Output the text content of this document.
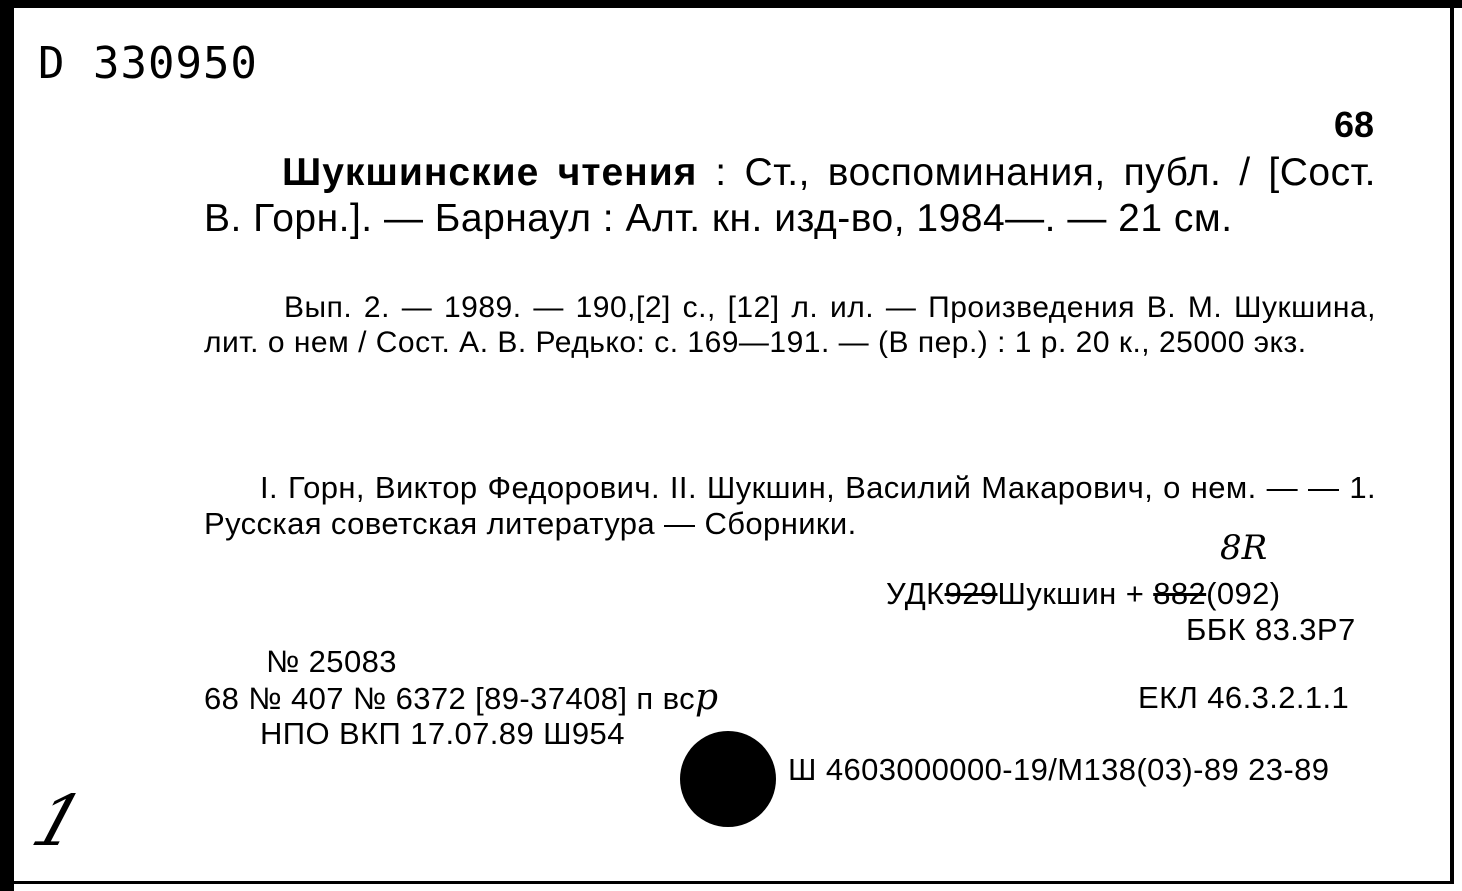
D 330950
68
Шукшинские чтения : Ст., воспоминания, публ. / [Сост. В. Горн.]. — Барнаул : Алт. кн. изд-во, 1984—. — 21 см.
Вып. 2. — 1989. — 190,[2] с., [12] л. ил. — Произведения В. М. Шукшина, лит. о нем / Сост. А. В. Редько: с. 169—191. — (В пер.) : 1 р. 20 к., 25000 экз.
I. Горн, Виктор Федорович. II. Шукшин, Василий Макарович, о нем. — — 1. Русская советская литература — Сборники.
8R
УДК929Шукшин + 882(092)
ББК 83.3Р7
№ 25083
68 № 407 № 6372 [89-37408] п вср	ЕКЛ 46.3.2.1.1
НПО ВКП 17.07.89 Ш954
Ш 4603000000-19/М138(03)-89 23-89
1
